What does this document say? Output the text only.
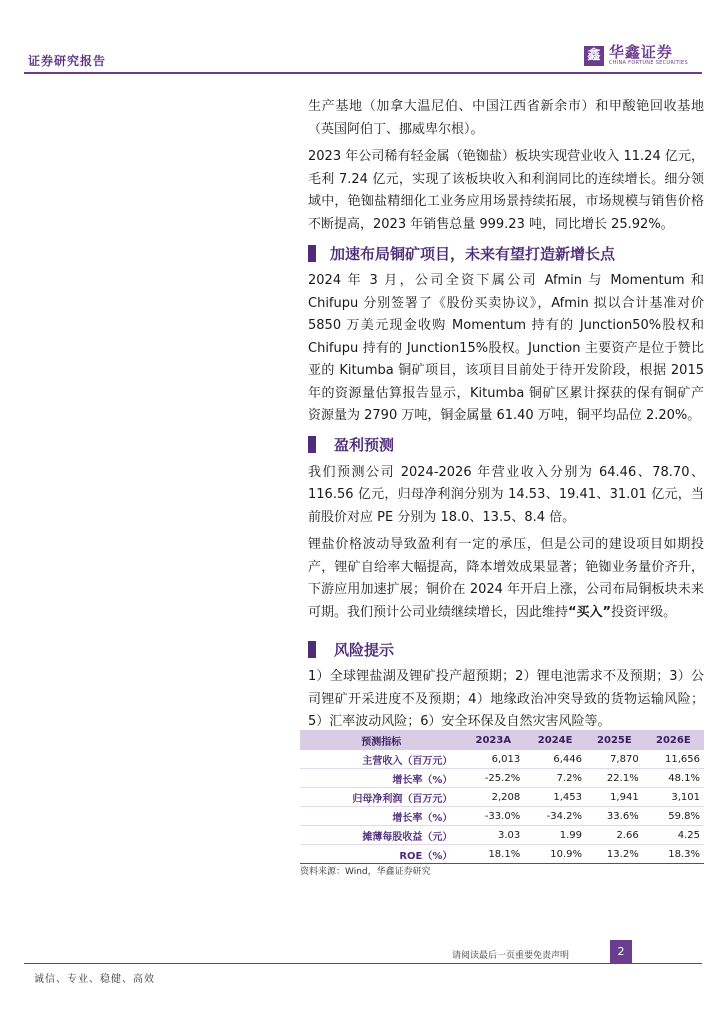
证券研究报告	鑫 华鑫证券
CHINA FORTUNE SECURITIES

生产基地（加拿大温尼伯、中国江西省新余市）和甲酸铯回收基地（英国阿伯丁、挪威卑尔根）。

2023 年公司稀有轻金属（铯铷盐）板块实现营业收入 11.24 亿元，毛利 7.24 亿元，实现了该板块收入和利润同比的连续增长。细分领域中，铯铷盐精细化工业务应用场景持续拓展，市场规模与销售价格不断提高，2023 年销售总量 999.23 吨，同比增长 25.92%。

加速布局铜矿项目，未来有望打造新增长点

2024 年 3 月，公司全资下属公司 Afmin 与 Momentum 和 Chifupu 分别签署了《股份买卖协议》，Afmin 拟以合计基准对价 5850 万美元现金收购 Momentum 持有的 Junction50%股权和 Chifupu 持有的 Junction15%股权。Junction 主要资产是位于赞比亚的 Kitumba 铜矿项目，该项目目前处于待开发阶段，根据 2015 年的资源量估算报告显示，Kitumba 铜矿区累计探获的保有铜矿产资源量为 2790 万吨，铜金属量 61.40 万吨，铜平均品位 2.20%。

盈利预测

我们预测公司 2024-2026 年营业收入分别为 64.46、78.70、116.56 亿元，归母净利润分别为 14.53、19.41、31.01 亿元，当前股价对应 PE 分别为 18.0、13.5、8.4 倍。

锂盐价格波动导致盈利有一定的承压，但是公司的建设项目如期投产，锂矿自给率大幅提高，降本增效成果显著；铯铷业务量价齐升，下游应用加速扩展；铜价在 2024 年开启上涨，公司布局铜板块未来可期。我们预计公司业绩继续增长，因此维持“买入”投资评级。

风险提示

1）全球锂盐湖及锂矿投产超预期；2）锂电池需求不及预期；3）公司锂矿开采进度不及预期；4）地缘政治冲突导致的货物运输风险；5）汇率波动风险；6）安全环保及自然灾害风险等。

预测指标	2023A	2024E	2025E	2026E
主营收入（百万元）	6,013	6,446	7,870	11,656
增长率（%）	-25.2%	7.2%	22.1%	48.1%
归母净利润（百万元）	2,208	1,453	1,941	3,101
增长率（%）	-33.0%	-34.2%	33.6%	59.8%
摊薄每股收益（元）	3.03	1.99	2.66	4.25
ROE（%）	18.1%	10.9%	13.2%	18.3%
资料来源：Wind，华鑫证券研究
请阅读最后一页重要免责声明	2
诚信、专业、稳健、高效
